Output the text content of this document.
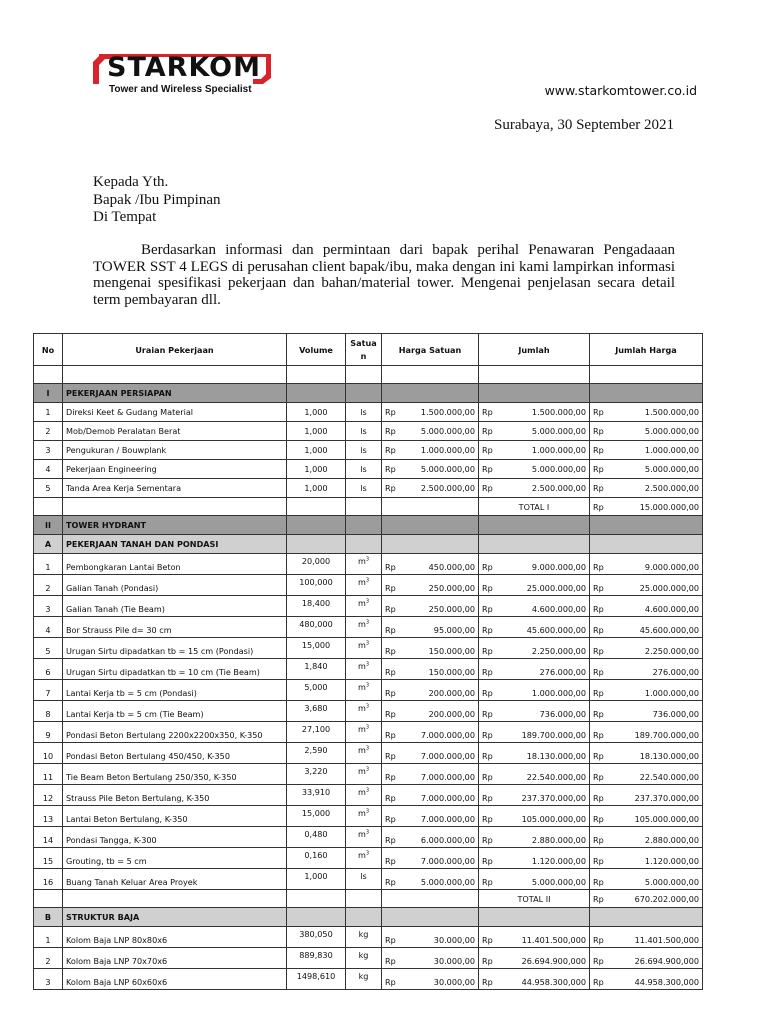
STARKOM
Tower and Wireless Specialist	www.starkomtower.co.id
Surabaya, 30 September 2021
Kepada Yth.
Bapak /Ibu Pimpinan
Di Tempat
Berdasarkan informasi dan permintaan dari bapak perihal Penawaran Pengadaaan TOWER SST 4 LEGS di perusahan client bapak/ibu, maka dengan ini kami lampirkan informasi mengenai spesifikasi pekerjaan dan bahan/material tower. Mengenai penjelasan secara detail term pembayaran dll.
No	Uraian Pekerjaan	Volume	Satua n	Harga Satuan	Jumlah	Jumlah Harga

I	PEKERJAAN PERSIAPAN					
1	Direksi Keet & Gudang Material	1,000	ls	Rp 1.500.000,00	Rp 1.500.000,00	Rp 1.500.000,00
2	Mob/Demob Peralatan Berat	1,000	ls	Rp 5.000.000,00	Rp 5.000.000,00	Rp 5.000.000,00
3	Pengukuran / Bouwplank	1,000	ls	Rp 1.000.000,00	Rp 1.000.000,00	Rp 1.000.000,00
4	Pekerjaan Engineering	1,000	ls	Rp 5.000.000,00	Rp 5.000.000,00	Rp 5.000.000,00
5	Tanda Area Kerja Sementara	1,000	ls	Rp 2.500.000,00	Rp 2.500.000,00	Rp 2.500.000,00
					TOTAL I	Rp 15.000.000,00
II	TOWER HYDRANT					
A	PEKERJAAN TANAH DAN PONDASI					
1	Pembongkaran Lantai Beton	20,000	$m^3$	Rp 450.000,00	Rp 9.000.000,00	Rp 9.000.000,00
2	Galian Tanah (Pondasi)	100,000	$m^3$	Rp 250.000,00	Rp 25.000.000,00	Rp 25.000.000,00
3	Galian Tanah (Tie Beam)	18,400	$m^3$	Rp 250.000,00	Rp 4.600.000,00	Rp 4.600.000,00
4	Bor Strauss Pile d= 30 cm	480,000	$m^3$	Rp 95.000,00	Rp 45.600.000,00	Rp 45.600.000,00
5	Urugan Sirtu dipadatkan tb = 15 cm (Pondasi)	15,000	$m^3$	Rp 150.000,00	Rp 2.250.000,00	Rp 2.250.000,00
6	Urugan Sirtu dipadatkan tb = 10 cm (Tie Beam)	1,840	$m^3$	Rp 150.000,00	Rp 276.000,00	Rp 276.000,00
7	Lantai Kerja tb = 5 cm (Pondasi)	5,000	$m^3$	Rp 200.000,00	Rp 1.000.000,00	Rp 1.000.000,00
8	Lantai Kerja tb = 5 cm (Tie Beam)	3,680	$m^3$	Rp 200.000,00	Rp 736.000,00	Rp 736.000,00
9	Pondasi Beton Bertulang 2200x2200x350, K-350	27,100	$m^3$	Rp 7.000.000,00	Rp 189.700.000,00	Rp 189.700.000,00
10	Pondasi Beton Bertulang 450/450, K-350	2,590	$m^3$	Rp 7.000.000,00	Rp 18.130.000,00	Rp 18.130.000,00
11	Tie Beam Beton Bertulang 250/350, K-350	3,220	$m^3$	Rp 7.000.000,00	Rp 22.540.000,00	Rp 22.540.000,00
12	Strauss Pile Beton Bertulang, K-350	33,910	$m^3$	Rp 7.000.000,00	Rp 237.370.000,00	Rp 237.370.000,00
13	Lantai Beton Bertulang, K-350	15,000	$m^3$	Rp 7.000.000,00	Rp 105.000.000,00	Rp 105.000.000,00
14	Pondasi Tangga, K-300	0,480	$m^3$	Rp 6.000.000,00	Rp 2.880.000,00	Rp 2.880.000,00
15	Grouting, tb = 5 cm	0,160	$m^3$	Rp 7.000.000,00	Rp 1.120.000,00	Rp 1.120.000,00
16	Buang Tanah Keluar Area Proyek	1,000	ls	Rp 5.000.000,00	Rp 5.000.000,00	Rp 5.000.000,00
					TOTAL II	Rp 670.202.000,00
B	STRUKTUR BAJA					
1	Kolom Baja LNP 80x80x6	380,050	kg	Rp 30.000,00	Rp 11.401.500,000	Rp 11.401.500,000
2	Kolom Baja LNP 70x70x6	889,830	kg	Rp 30.000,00	Rp 26.694.900,000	Rp 26.694.900,000
3	Kolom Baja LNP 60x60x6	1498,610	kg	Rp 30.000,00	Rp 44.958.300,000	Rp 44.958.300,000
